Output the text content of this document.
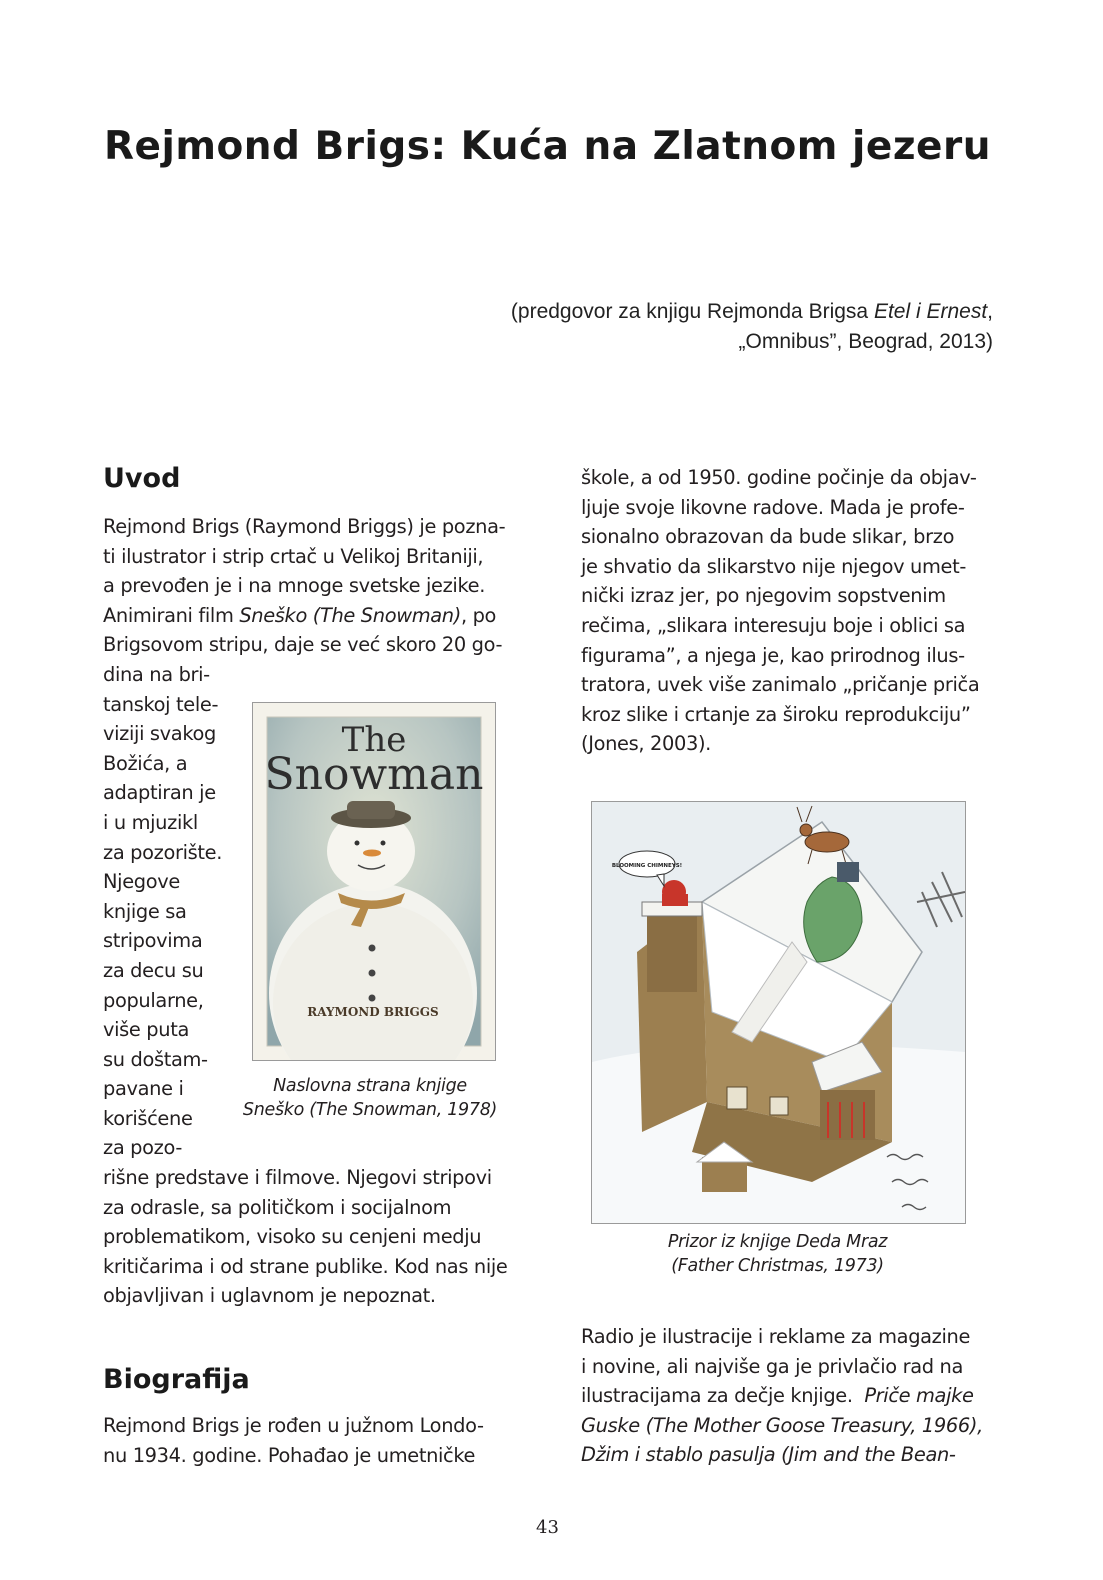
Rejmond Brigs: Kuća na Zlatnom jezeru
(predgovor za knjigu Rejmonda Brigsa Etel i Ernest,
„Omnibus”, Beograd, 2013)
Uvod
Rejmond Brigs (Raymond Briggs) je pozna-
ti ilustrator i strip crtač u Velikoj Britaniji,
a prevođen je i na mnoge svetske jezike.
Animirani film Sneško (The Snowman), po
Brigsovom stripu, daje se već skoro 20 go-
dina na bri-
tanskoj tele-
viziji svakog
Božića, a
adaptiran je
i u mjuzikl
za pozorište.
Njegove
knjige sa
stripovima
za decu su
popularne,
više puta
su doštam-
pavane i
korišćene
za pozo-
rišne predstave i filmove. Njegovi stripovi
za odrasle, sa političkom i socijalnom
problematikom, visoko su cenjeni medju
kritičarima i od strane publike. Kod nas nije
objavljivan i uglavnom je nepoznat.
The
Snowman
RAYMOND BRIGGS
Naslovna strana knjige
Sneško (The Snowman, 1978)
Biografija
Rejmond Brigs je rođen u južnom Londo-
nu 1934. godine. Pohađao je umetničke
škole, a od 1950. godine počinje da objav-
ljuje svoje likovne radove. Mada je profe-
sionalno obrazovan da bude slikar, brzo
je shvatio da slikarstvo nije njegov umet-
nički izraz jer, po njegovim sopstvenim
rečima, „slikara interesuju boje i oblici sa
figurama”, a njega je, kao prirodnog ilus-
tratora, uvek više zanimalo „pričanje priča
kroz slike i crtanje za široku reprodukciju”
(Jones, 2003).
BLOOMING CHIMNEYS!
Prizor iz knjige Deda Mraz
(Father Christmas, 1973)
Radio je ilustracije i reklame za magazine
i novine, ali najviše ga je privlačio rad na
ilustracijama za dečje knjige.  Priče majke
Guske (The Mother Goose Treasury, 1966),
Džim i stablo pasulja (Jim and the Bean-
43
